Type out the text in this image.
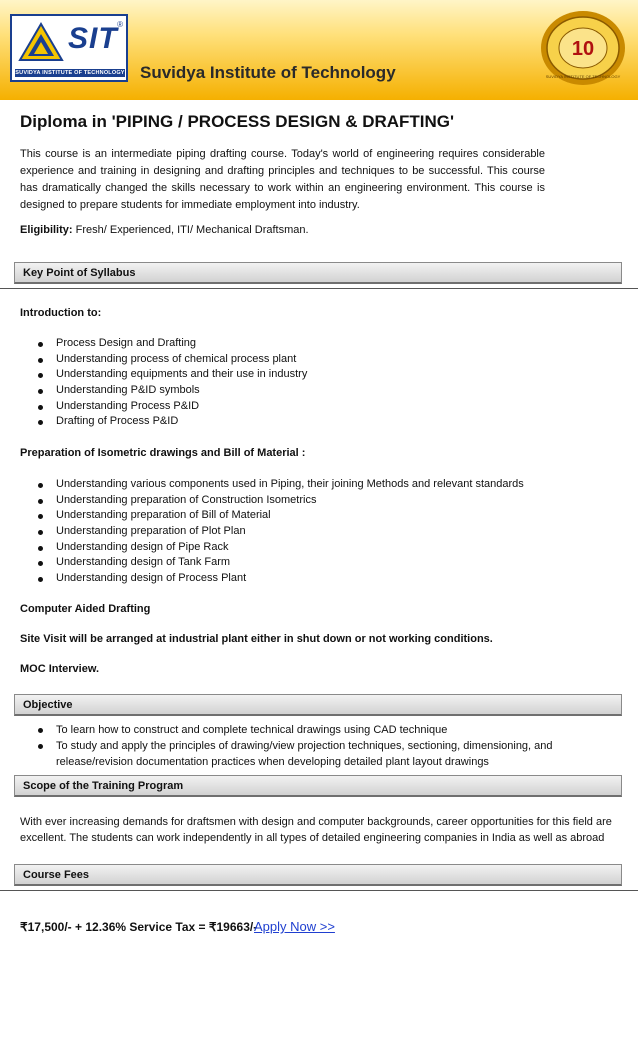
SIT ®
SUVIDYA INSTITUTE OF TECHNOLOGY Suvidya Institute of Technology
10
SUVIDYA INSTITUTE OF TECHNOLOGY
Diploma in 'PIPING / PROCESS DESIGN & DRAFTING'

This course is an intermediate piping drafting course. Today's world of engineering requires considerable experience and training in designing and drafting principles and techniques to be successful. This course has dramatically changed the skills necessary to work within an engineering environment. This course is designed to prepare students for immediate employment into industry.

Eligibility: Fresh/ Experienced, ITI/ Mechanical Draftsman.
Key Point of Syllabus
Introduction to:
Process Design and Drafting
Understanding process of chemical process plant
Understanding equipments and their use in industry
Understanding P&ID symbols
Understanding Process P&ID
Drafting of Process P&ID
Preparation of Isometric drawings and Bill of Material :
Understanding various components used in Piping, their joining Methods and relevant standards
Understanding preparation of Construction Isometrics
Understanding preparation of Bill of Material
Understanding preparation of Plot Plan
Understanding design of Pipe Rack
Understanding design of Tank Farm
Understanding design of Process Plant
Computer Aided Drafting
Site Visit will be arranged at industrial plant either in shut down or not working conditions.
MOC Interview.
Objective
To learn how to construct and complete technical drawings using CAD technique
To study and apply the principles of drawing/view projection techniques, sectioning, dimensioning, and release/revision documentation practices when developing detailed plant layout drawings
Scope of the Training Program
With ever increasing demands for draftsmen with design and computer backgrounds, career opportunities for this field are excellent. The students can work independently in all types of detailed engineering companies in India as well as abroad
Course Fees
₹17,500/- + 12.36% Service Tax = ₹19663/-
Apply Now >>
